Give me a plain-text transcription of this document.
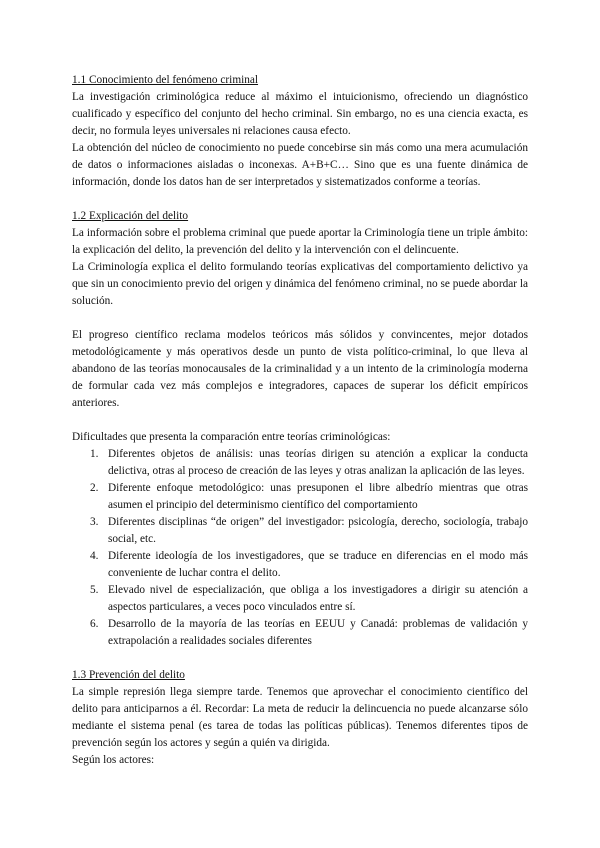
1.1 Conocimiento del fenómeno criminal

La investigación criminológica reduce al máximo el intuicionismo, ofreciendo un diagnóstico cualificado y específico del conjunto del hecho criminal. Sin embargo, no es una ciencia exacta, es decir, no formula leyes universales ni relaciones causa efecto.

La obtención del núcleo de conocimiento no puede concebirse sin más como una mera acumulación de datos o informaciones aisladas o inconexas. A+B+C… Sino que es una fuente dinámica de información, donde los datos han de ser interpretados y sistematizados conforme a teorías.

1.2 Explicación del delito

La información sobre el problema criminal que puede aportar la Criminología tiene un triple ámbito: la explicación del delito, la prevención del delito y la intervención con el delincuente.

La Criminología explica el delito formulando teorías explicativas del comportamiento delictivo ya que sin un conocimiento previo del origen y dinámica del fenómeno criminal, no se puede abordar la solución.

El progreso científico reclama modelos teóricos más sólidos y convincentes, mejor dotados metodológicamente y más operativos desde un punto de vista político-criminal, lo que lleva al abandono de las teorías monocausales de la criminalidad y a un intento de la criminología moderna de formular cada vez más complejos e integradores, capaces de superar los déficit empíricos anteriores.

Dificultades que presenta la comparación entre teorías criminológicas:

1. Diferentes objetos de análisis: unas teorías dirigen su atención a explicar la conducta delictiva, otras al proceso de creación de las leyes y otras analizan la aplicación de las leyes.
2. Diferente enfoque metodológico: unas presuponen el libre albedrío mientras que otras asumen el principio del determinismo científico del comportamiento
3. Diferentes disciplinas “de origen” del investigador: psicología, derecho, sociología, trabajo social, etc.
4. Diferente ideología de los investigadores, que se traduce en diferencias en el modo más conveniente de luchar contra el delito.
5. Elevado nivel de especialización, que obliga a los investigadores a dirigir su atención a aspectos particulares, a veces poco vinculados entre sí.
6. Desarrollo de la mayoría de las teorías en EEUU y Canadá: problemas de validación y extrapolación a realidades sociales diferentes

1.3 Prevención del delito

La simple represión llega siempre tarde. Tenemos que aprovechar el conocimiento científico del delito para anticiparnos a él. Recordar: La meta de reducir la delincuencia no puede alcanzarse sólo mediante el sistema penal (es tarea de todas las políticas públicas). Tenemos diferentes tipos de prevención según los actores y según a quién va dirigida.

Según los actores:
